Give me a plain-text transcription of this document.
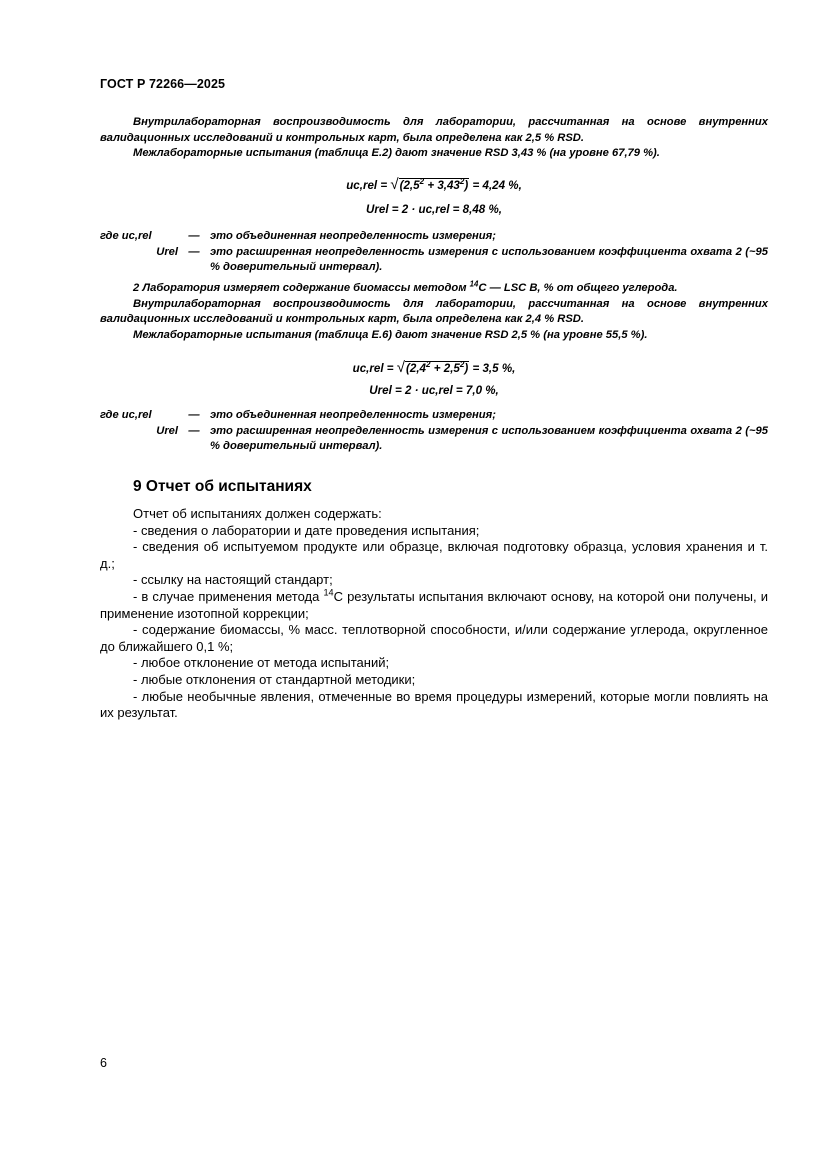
ГОСТ Р 72266—2025

Внутрилабораторная воспроизводимость для лаборатории, рассчитанная на основе внутренних валидационных исследований и контрольных карт, была определена как 2,5 % RSD.

Межлабораторные испытания (таблица Е.2) дают значение RSD 3,43 % (на уровне 67,79 %).

$uc,rel = √(2,5^2 + 3,43^2) = 4,24$ %,
Urel = 2 · uc,rel = 8,48 %,
где uc,rel	— это объединенная неопределенность измерения;
Urel — это расширенная неопределенность измерения с использованием коэффициента охвата 2 (~95 % доверительный интервал).

2 Лаборатория измеряет содержание биомассы методом $^{14}$C — LSC B, % от общего углерода.

Внутрилабораторная воспроизводимость для лаборатории, рассчитанная на основе внутренних валидационных исследований и контрольных карт, была определена как 2,4 % RSD.

Межлабораторные испытания (таблица Е.6) дают значение RSD 2,5 % (на уровне 55,5 %).

$uc,rel = √(2,4^2 + 2,5^2) = 3,5$ %,
Urel = 2 · uc,rel = 7,0 %,
где uc,rel	— это объединенная неопределенность измерения;
Urel — это расширенная неопределенность измерения с использованием коэффициента охвата 2 (~95 % доверительный интервал).
9 Отчет об испытаниях

Отчет об испытаниях должен содержать:

- сведения о лаборатории и дате проведения испытания;

- сведения об испытуемом продукте или образце, включая подготовку образца, условия хранения и т. д.;

- ссылку на настоящий стандарт;

- в случае применения метода $^{14}$C результаты испытания включают основу, на которой они получены, и применение изотопной коррекции;

- содержание биомассы, % масс. теплотворной способности, и/или содержание углерода, округленное до ближайшего 0,1 %;

- любое отклонение от метода испытаний;

- любые отклонения от стандартной методики;

- любые необычные явления, отмеченные во время процедуры измерений, которые могли повлиять на их результат.

6
